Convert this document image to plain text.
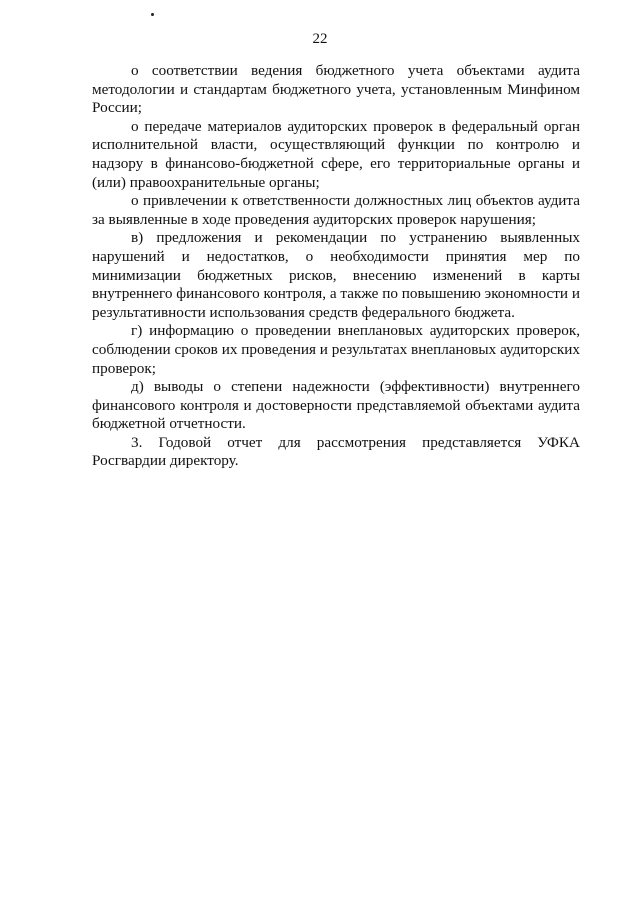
22

о соответствии ведения бюджетного учета объектами аудита методологии и стандартам бюджетного учета, установленным Минфином России;

о передаче материалов аудиторских проверок в федеральный орган исполнительной власти, осуществляющий функции по контролю и надзору в финансово-бюджетной сфере, его территориальные органы и (или) правоохранительные органы;

о привлечении к ответственности должностных лиц объектов аудита за выявленные в ходе проведения аудиторских проверок нарушения;

в) предложения и рекомендации по устранению выявленных нарушений и недостатков, о необходимости принятия мер по минимизации бюджетных рисков, внесению изменений в карты внутреннего финансового контроля, а также по повышению экономности и результативности использования средств федерального бюджета.

г) информацию о проведении внеплановых аудиторских проверок, соблюдении сроков их проведения и результатах внеплановых аудиторских проверок;

д) выводы о степени надежности (эффективности) внутреннего финансового контроля и достоверности представляемой объектами аудита бюджетной отчетности.

3. Годовой отчет для рассмотрения представляется УФКА Росгвардии директору.
